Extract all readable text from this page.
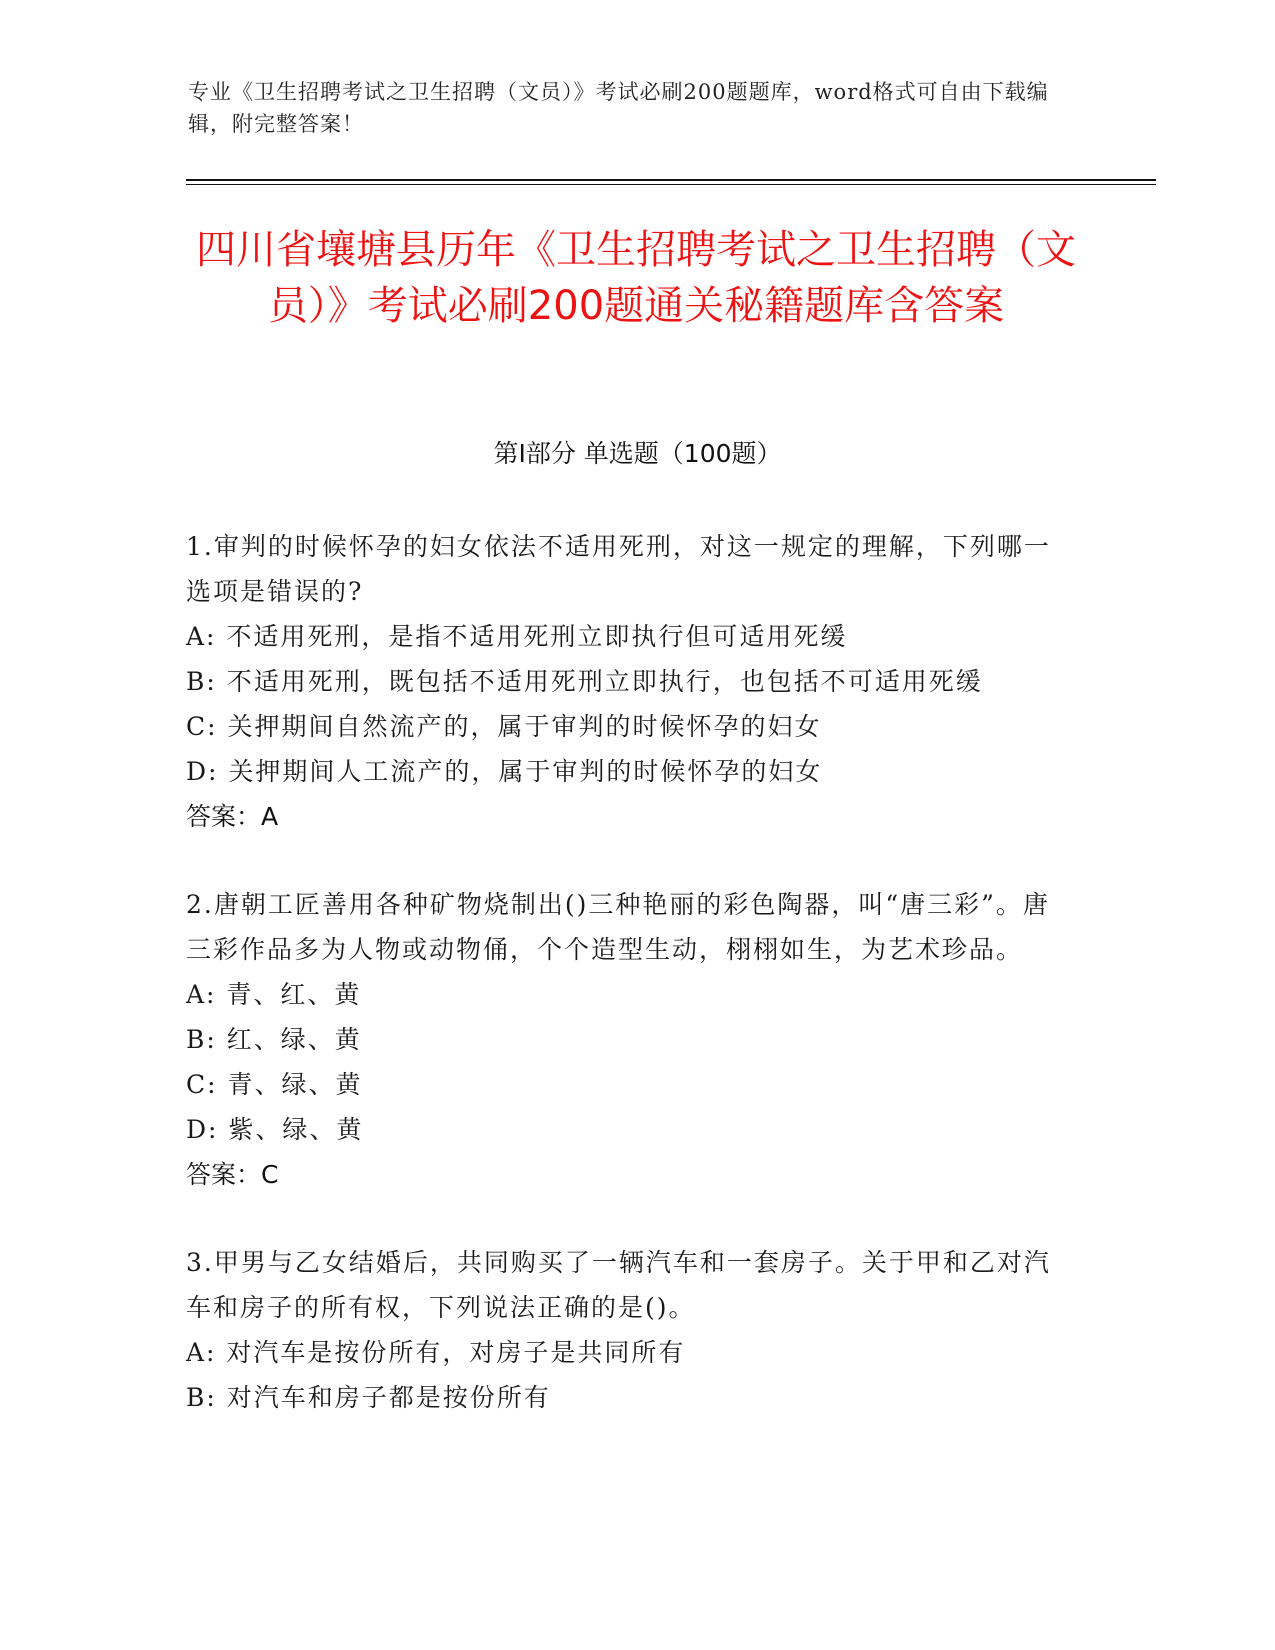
专业《卫生招聘考试之卫生招聘（文员）》考试必刷200题题库，word格式可自由下载编辑，附完整答案！
四川省壤塘县历年《卫生招聘考试之卫生招聘（文员）》考试必刷200题通关秘籍题库含答案
第I部分 单选题（100题）

1.审判的时候怀孕的妇女依法不适用死刑，对这一规定的理解，下列哪一选项是错误的?

A: 不适用死刑，是指不适用死刑立即执行但可适用死缓

B: 不适用死刑，既包括不适用死刑立即执行，也包括不可适用死缓

C: 关押期间自然流产的，属于审判的时候怀孕的妇女

D: 关押期间人工流产的，属于审判的时候怀孕的妇女

答案：A

2.唐朝工匠善用各种矿物烧制出()三种艳丽的彩色陶器，叫“唐三彩”。唐三彩作品多为人物或动物俑，个个造型生动，栩栩如生，为艺术珍品。

A: 青、红、黄

B: 红、绿、黄

C: 青、绿、黄

D: 紫、绿、黄

答案：C

3.甲男与乙女结婚后，共同购买了一辆汽车和一套房子。关于甲和乙对汽车和房子的所有权，下列说法正确的是()。

A: 对汽车是按份所有，对房子是共同所有

B: 对汽车和房子都是按份所有
